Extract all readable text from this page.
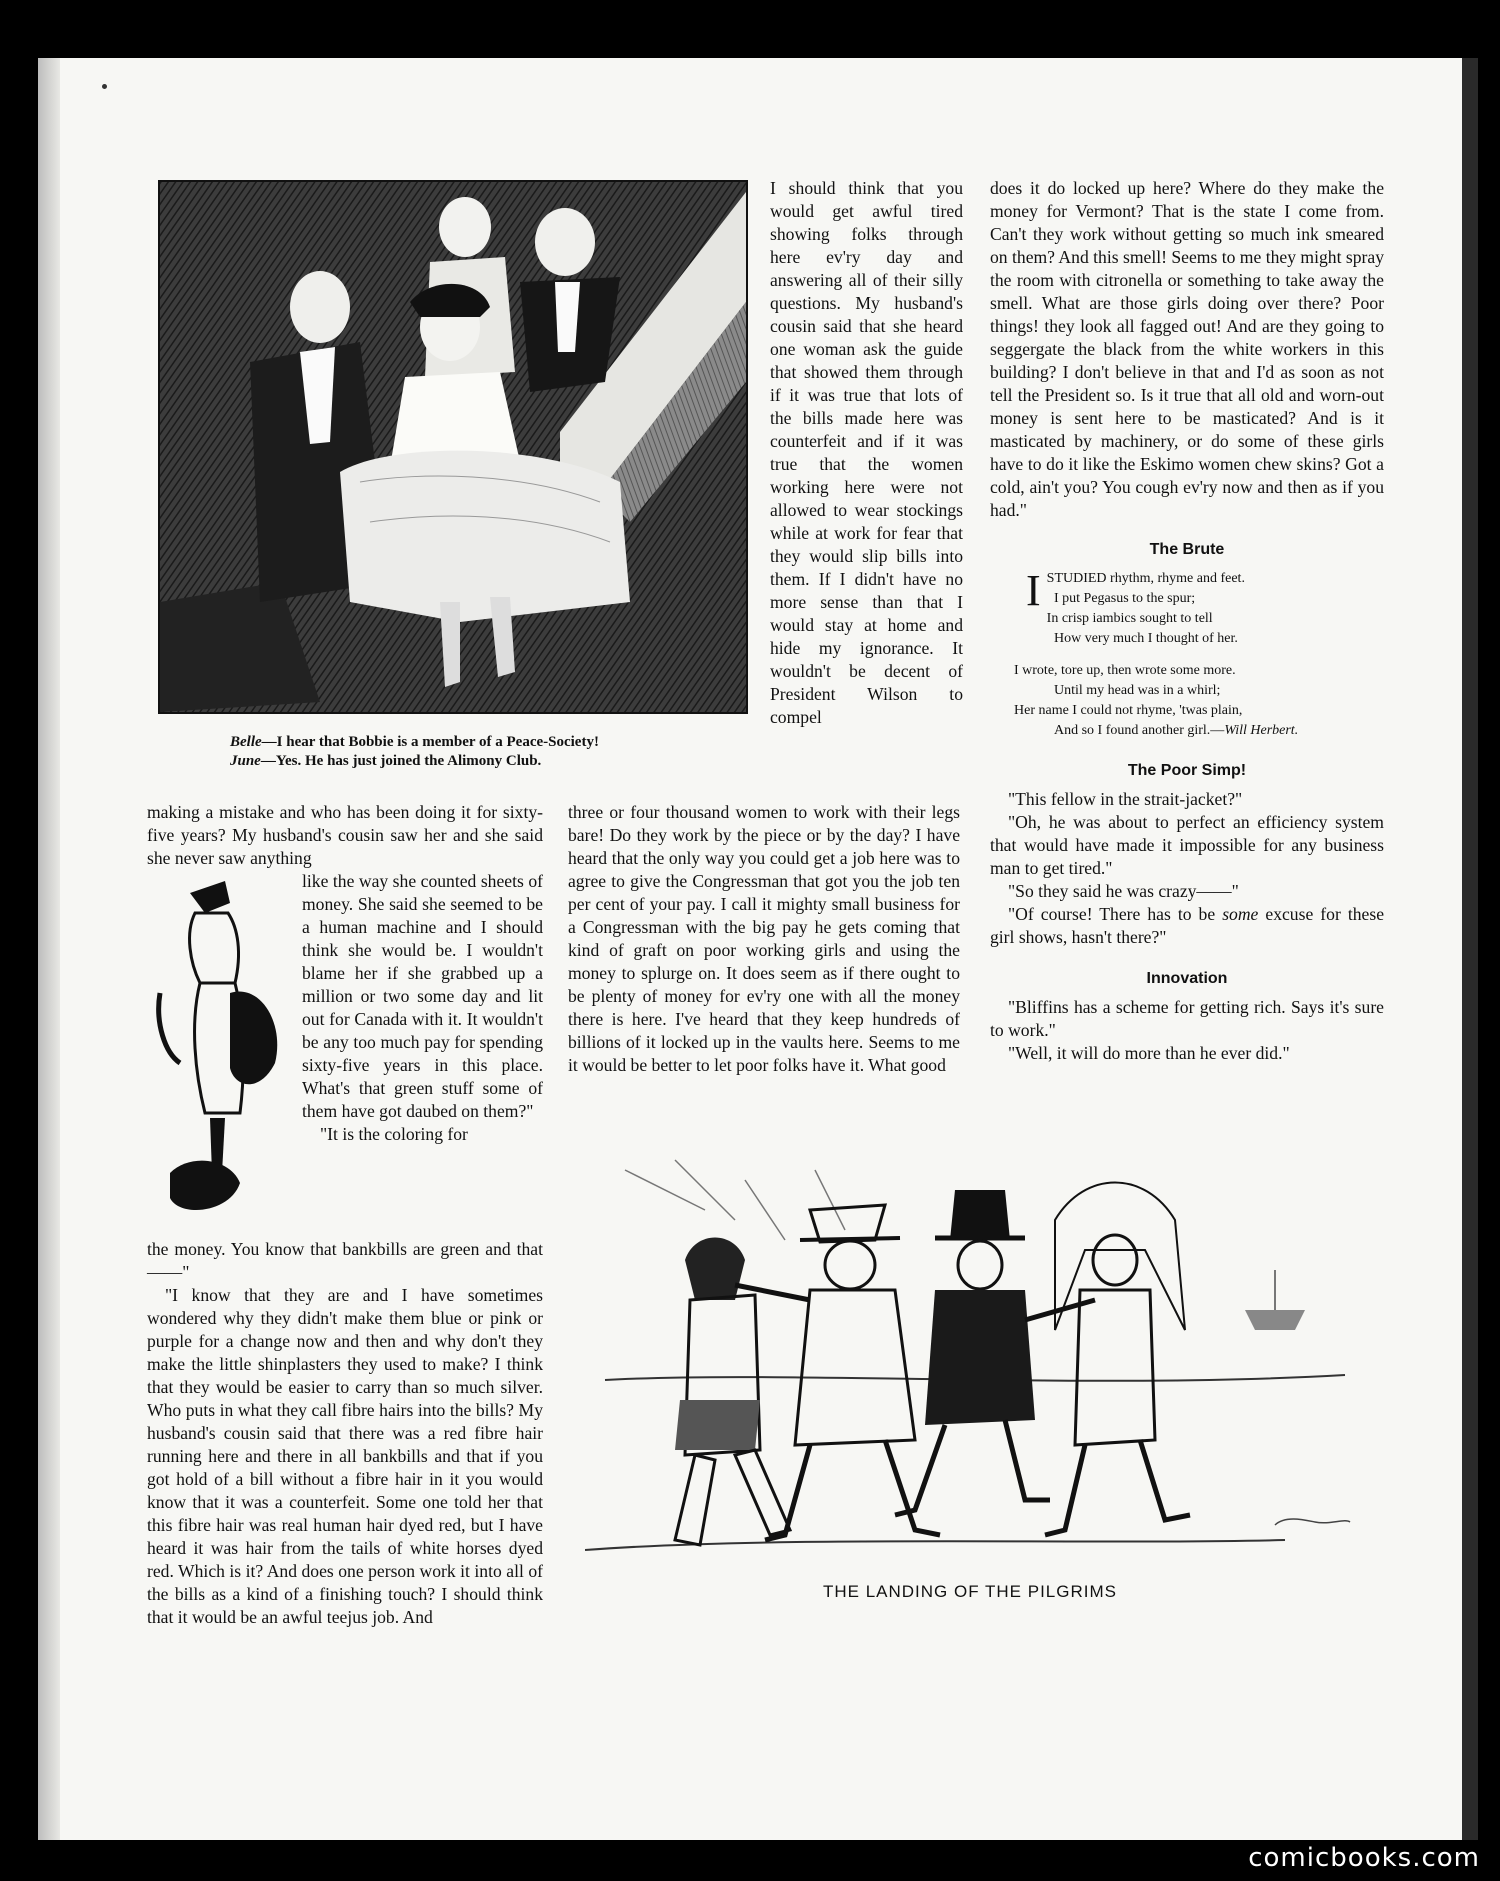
Belle—I hear that Bobbie is a member of a Peace-Society!
June—Yes. He has just joined the Alimony Club.

I should think that you would get awful tired showing folks through here ev'ry day and answering all of their silly questions. My husband's cousin said that she heard one woman ask the guide that showed them through if it was true that lots of the bills made here was counterfeit and if it was true that the women working here were not allowed to wear stockings while at work for fear that they would slip bills into them. If I didn't have no more sense than that I would stay at home and hide my ignorance. It wouldn't be decent of President Wilson to compel

does it do locked up here? Where do they make the money for Vermont? That is the state I come from. Can't they work without getting so much ink smeared on them? And this smell! Seems to me they might spray the room with citronella or something to take away the smell. What are those girls doing over there? Poor things! they look all fagged out! And are they going to seggergate the black from the white workers in this building? I don't believe in that and I'd as soon as not tell the President so. Is it true that all old and worn-out money is sent here to be masticated? And is it masticated by machinery, or do some of these girls have to do it like the Eskimo women chew skins? Got a cold, ain't you? You cough ev'ry now and then as if you had."

The Brute

I STUDIED rhythm, rhyme and feet.
I put Pegasus to the spur;
In crisp iambics sought to tell
How very much I thought of her.
I wrote, tore up, then wrote some more.
Until my head was in a whirl;
Her name I could not rhyme, 'twas plain,
And so I found another girl.—Will Herbert.

The Poor Simp!

"This fellow in the strait-jacket?"

"Oh, he was about to perfect an efficiency system that would have made it impossible for any business man to get tired."

"So they said he was crazy——"

"Of course! There has to be some excuse for these girl shows, hasn't there?"

Innovation

"Bliffins has a scheme for getting rich. Says it's sure to work."

"Well, it will do more than he ever did."

making a mistake and who has been doing it for sixty-five years? My husband's cousin saw her and she said she never saw anything

like the way she counted sheets of money. She said she seemed to be a human machine and I should think she would be. I wouldn't blame her if she grabbed up a million or two some day and lit out for Canada with it. It wouldn't be any too much pay for spending sixty-five years in this place. What's that green stuff some of them have got daubed on them?"

"It is the coloring for

the money. You know that bankbills are green and that——"

"I know that they are and I have sometimes wondered why they didn't make them blue or pink or purple for a change now and then and why don't they make the little shinplasters they used to make? I think that they would be easier to carry than so much silver. Who puts in what they call fibre hairs into the bills? My husband's cousin said that there was a red fibre hair running here and there in all bankbills and that if you got hold of a bill without a fibre hair in it you would know that it was a counterfeit. Some one told her that this fibre hair was real human hair dyed red, but I have heard it was hair from the tails of white horses dyed red. Which is it? And does one person work it into all of the bills as a kind of a finishing touch? I should think that it would be an awful teejus job. And

three or four thousand women to work with their legs bare! Do they work by the piece or by the day? I have heard that the only way you could get a job here was to agree to give the Congressman that got you the job ten per cent of your pay. I call it mighty small business for a Congressman with the big pay he gets coming that kind of graft on poor working girls and using the money to splurge on. It does seem as if there ought to be plenty of money for ev'ry one with all the money there is here. I've heard that they keep hundreds of billions of it locked up in the vaults here. Seems to me it would be better to let poor folks have it. What good

THE LANDING OF THE PILGRIMS
comicbooks.com
